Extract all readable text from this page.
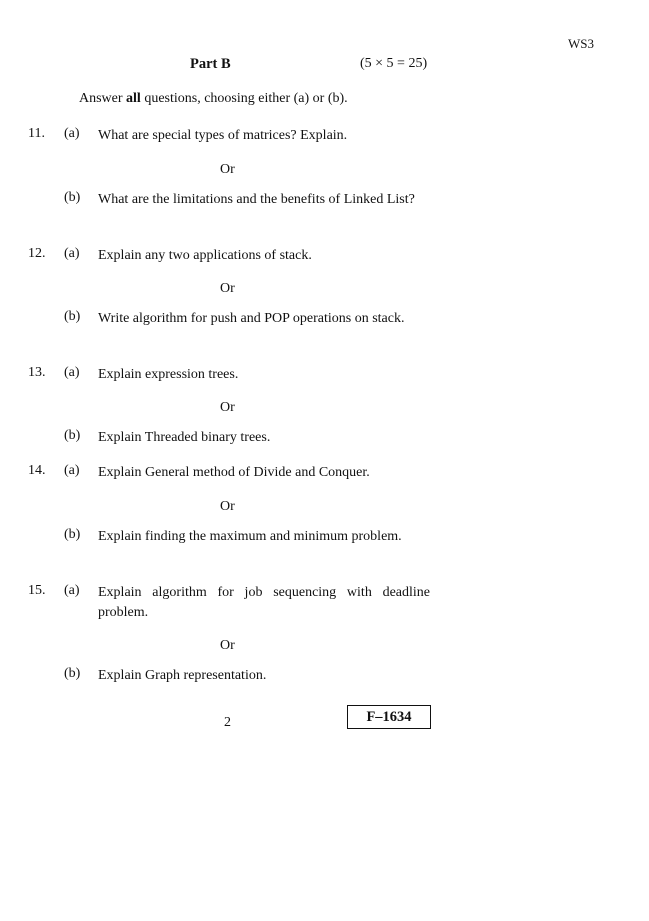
WS3
Part B	(5 × 5 = 25)
Answer all questions, choosing either (a) or (b).
11.	(a)	What are special types of matrices? Explain.
Or
(b)	What are the limitations and the benefits of Linked List?
12.	(a)	Explain any two applications of stack.
Or
(b)	Write algorithm for push and POP operations on stack.
13.	(a)	Explain expression trees.
Or
(b)	Explain Threaded binary trees.
14.	(a)	Explain General method of Divide and Conquer.
Or
(b)	Explain finding the maximum and minimum problem.
15.	(a)	Explain algorithm for job sequencing with deadline problem.
Or
(b)	Explain Graph representation.
2	F–1634
